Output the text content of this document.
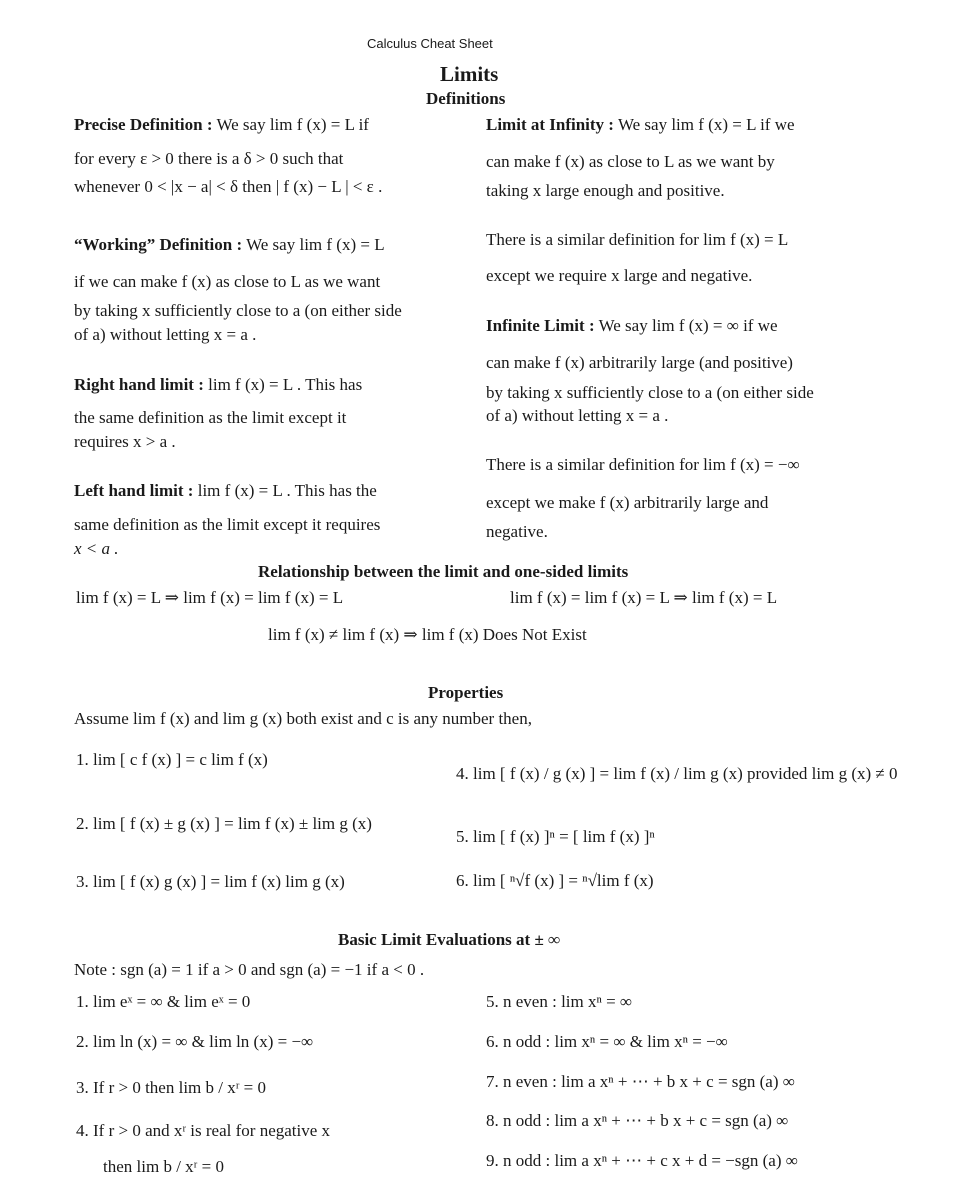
Calculus Cheat Sheet
Limits
Definitions
Precise Definition : We say lim f (x) = L if
for every ε > 0 there is a δ > 0 such that
whenever 0 < |x − a| < δ then | f (x) − L | < ε .
“Working” Definition : We say lim f (x) = L
if we can make f (x) as close to L as we want
by taking x sufficiently close to a (on either side
of a) without letting x = a .
Right hand limit : lim f (x) = L . This has
the same definition as the limit except it
requires x > a .
Left hand limit : lim f (x) = L . This has the
same definition as the limit except it requires
x < a .
Limit at Infinity : We say lim f (x) = L if we
can make f (x) as close to L as we want by
taking x large enough and positive.
There is a similar definition for lim f (x) = L
except we require x large and negative.
Infinite Limit : We say lim f (x) = ∞ if we
can make f (x) arbitrarily large (and positive)
by taking x sufficiently close to a (on either side
of a) without letting x = a .
There is a similar definition for lim f (x) = −∞
except we make f (x) arbitrarily large and
negative.
Relationship between the limit and one-sided limits
lim f (x) = L ⇒ lim f (x) = lim f (x) = L	lim f (x) = lim f (x) = L ⇒ lim f (x) = L
lim f (x) ≠ lim f (x) ⇒ lim f (x) Does Not Exist
Properties
Assume lim f (x) and lim g (x) both exist and c is any number then,
1. lim [ c f (x) ] = c lim f (x)
2. lim [ f (x) ± g (x) ] = lim f (x) ± lim g (x)
3. lim [ f (x) g (x) ] = lim f (x) lim g (x)
4. lim [ f (x) / g (x) ] = lim f (x) / lim g (x) provided lim g (x) ≠ 0
5. lim [ f (x) ]ⁿ = [ lim f (x) ]ⁿ
6. lim [ ⁿ√f (x) ] = ⁿ√lim f (x)
Basic Limit Evaluations at ± ∞
Note : sgn (a) = 1 if a > 0 and sgn (a) = −1 if a < 0 .
1. lim eˣ = ∞ & lim eˣ = 0
2. lim ln (x) = ∞ & lim ln (x) = −∞
3. If r > 0 then lim b / xʳ = 0
4. If r > 0 and xʳ is real for negative x
then lim b / xʳ = 0
5. n even : lim xⁿ = ∞
6. n odd : lim xⁿ = ∞ & lim xⁿ = −∞
7. n even : lim a xⁿ + ⋯ + b x + c = sgn (a) ∞
8. n odd : lim a xⁿ + ⋯ + b x + c = sgn (a) ∞
9. n odd : lim a xⁿ + ⋯ + c x + d = −sgn (a) ∞
